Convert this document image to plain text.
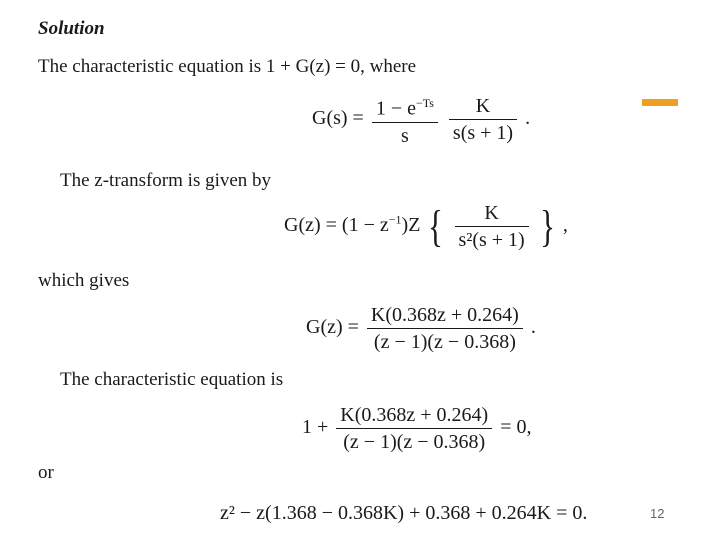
Solution
The characteristic equation is 1 + G(z) = 0, where
$G(s) = \frac{1 - e^{-Ts}}{s}$
$\frac{K}{s(s + 1)}$ .
The z-transform is given by
$G(z) = (1 - z^{-1})Z$ { $\frac{K}{\text{s²(s + 1)}}$ } ,
which gives
$G(z) = \frac{K(0.368z + 0.264)}{(z - 1)(z - 0.368)}$ .
The characteristic equation is
$1 + \frac{K(0.368z + 0.264)}{(z - 1)(z - 0.368)} = 0$,
or
z² − z(1.368 − 0.368K) + 0.368 + 0.264K = 0.	12
